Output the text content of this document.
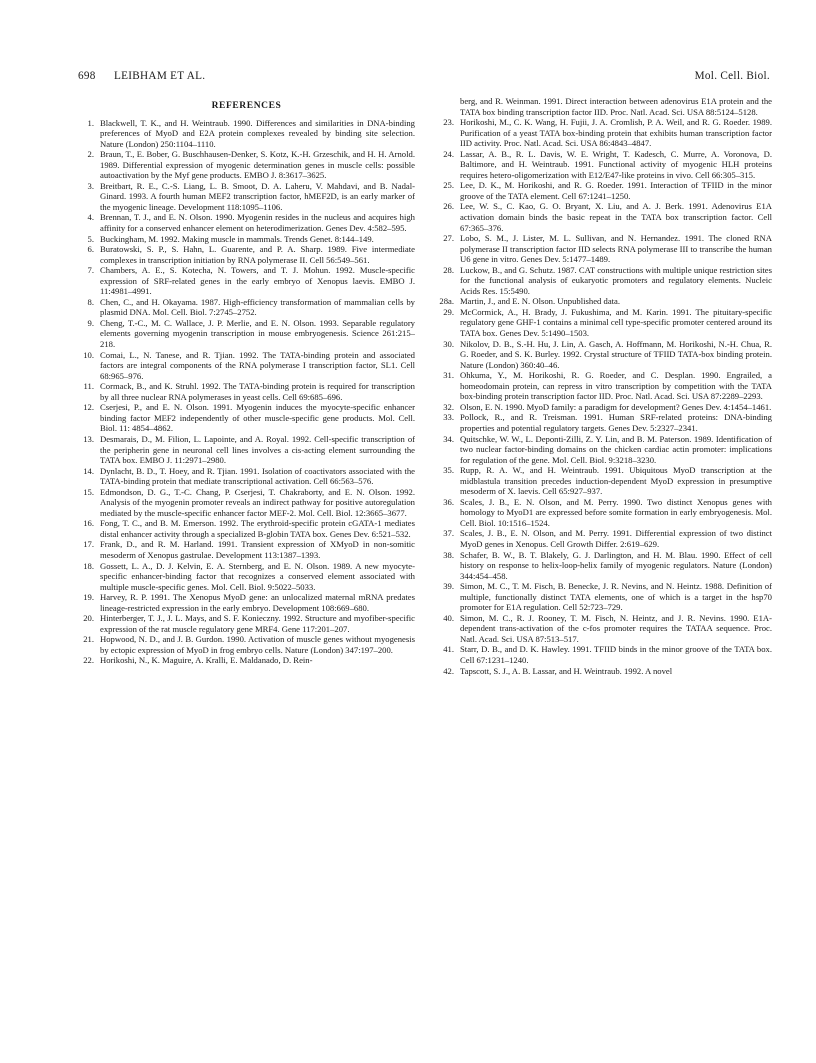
698 LEIBHAM ET AL.	Mol. Cell. Biol.
REFERENCES
1. Blackwell, T. K., and H. Weintraub. 1990. Differences and similarities in DNA-binding preferences of MyoD and E2A protein complexes revealed by binding site selection. Nature (London) 250:1104–1110.
2. Braun, T., E. Bober, G. Buschhausen-Denker, S. Kotz, K.-H. Grzeschik, and H. H. Arnold. 1989. Differential expression of myogenic determination genes in muscle cells: possible autoactivation by the Myf gene products. EMBO J. 8:3617–3625.
3. Breitbart, R. E., C.-S. Liang, L. B. Smoot, D. A. Laheru, V. Mahdavi, and B. Nadal-Ginard. 1993. A fourth human MEF2 transcription factor, hMEF2D, is an early marker of the myogenic lineage. Development 118:1095–1106.
4. Brennan, T. J., and E. N. Olson. 1990. Myogenin resides in the nucleus and acquires high affinity for a conserved enhancer element on heterodimerization. Genes Dev. 4:582–595.
5. Buckingham, M. 1992. Making muscle in mammals. Trends Genet. 8:144–149.
6. Buratowski, S. P., S. Hahn, L. Guarente, and P. A. Sharp. 1989. Five intermediate complexes in transcription initiation by RNA polymerase II. Cell 56:549–561.
7. Chambers, A. E., S. Kotecha, N. Towers, and T. J. Mohun. 1992. Muscle-specific expression of SRF-related genes in the early embryo of Xenopus laevis. EMBO J. 11:4981–4991.
8. Chen, C., and H. Okayama. 1987. High-efficiency transformation of mammalian cells by plasmid DNA. Mol. Cell. Biol. 7:2745–2752.
9. Cheng, T.-C., M. C. Wallace, J. P. Merlie, and E. N. Olson. 1993. Separable regulatory elements governing myogenin transcription in mouse embryogenesis. Science 261:215–218.
10. Comai, L., N. Tanese, and R. Tjian. 1992. The TATA-binding protein and associated factors are integral components of the RNA polymerase I transcription factor, SL1. Cell 68:965–976.
11. Cormack, B., and K. Struhl. 1992. The TATA-binding protein is required for transcription by all three nuclear RNA polymerases in yeast cells. Cell 69:685–696.
12. Cserjesi, P., and E. N. Olson. 1991. Myogenin induces the myocyte-specific enhancer binding factor MEF2 independently of other muscle-specific gene products. Mol. Cell. Biol. 11: 4854–4862.
13. Desmarais, D., M. Filion, L. Lapointe, and A. Royal. 1992. Cell-specific transcription of the peripherin gene in neuronal cell lines involves a cis-acting element surrounding the TATA box. EMBO J. 11:2971–2980.
14. Dynlacht, B. D., T. Hoey, and R. Tjian. 1991. Isolation of coactivators associated with the TATA-binding protein that mediate transcriptional activation. Cell 66:563–576.
15. Edmondson, D. G., T.-C. Chang, P. Cserjesi, T. Chakraborty, and E. N. Olson. 1992. Analysis of the myogenin promoter reveals an indirect pathway for positive autoregulation mediated by the muscle-specific enhancer factor MEF-2. Mol. Cell. Biol. 12:3665–3677.
16. Fong, T. C., and B. M. Emerson. 1992. The erythroid-specific protein cGATA-1 mediates distal enhancer activity through a specialized B-globin TATA box. Genes Dev. 6:521–532.
17. Frank, D., and R. M. Harland. 1991. Transient expression of XMyoD in non-somitic mesoderm of Xenopus gastrulae. Development 113:1387–1393.
18. Gossett, L. A., D. J. Kelvin, E. A. Sternberg, and E. N. Olson. 1989. A new myocyte-specific enhancer-binding factor that recognizes a conserved element associated with multiple muscle-specific genes. Mol. Cell. Biol. 9:5022–5033.
19. Harvey, R. P. 1991. The Xenopus MyoD gene: an unlocalized maternal mRNA predates lineage-restricted expression in the early embryo. Development 108:669–680.
20. Hinterberger, T. J., J. L. Mays, and S. F. Konieczny. 1992. Structure and myofiber-specific expression of the rat muscle regulatory gene MRF4. Gene 117:201–207.
21. Hopwood, N. D., and J. B. Gurdon. 1990. Activation of muscle genes without myogenesis by ectopic expression of MyoD in frog embryo cells. Nature (London) 347:197–200.
22. Horikoshi, N., K. Maguire, A. Kralli, E. Maldanado, D. Rein-
berg, and R. Weinman. 1991. Direct interaction between adenovirus E1A protein and the TATA box binding transcription factor IID. Proc. Natl. Acad. Sci. USA 88:5124–5128.
23. Horikoshi, M., C. K. Wang, H. Fujii, J. A. Cromlish, P. A. Weil, and R. G. Roeder. 1989. Purification of a yeast TATA box-binding protein that exhibits human transcription factor IID activity. Proc. Natl. Acad. Sci. USA 86:4843–4847.
24. Lassar, A. B., R. L. Davis, W. E. Wright, T. Kadesch, C. Murre, A. Voronova, D. Baltimore, and H. Weintraub. 1991. Functional activity of myogenic HLH proteins requires hetero-oligomerization with E12/E47-like proteins in vivo. Cell 66:305–315.
25. Lee, D. K., M. Horikoshi, and R. G. Roeder. 1991. Interaction of TFIID in the minor groove of the TATA element. Cell 67:1241–1250.
26. Lee, W. S., C. Kao, G. O. Bryant, X. Liu, and A. J. Berk. 1991. Adenovirus E1A activation domain binds the basic repeat in the TATA box transcription factor. Cell 67:365–376.
27. Lobo, S. M., J. Lister, M. L. Sullivan, and N. Hernandez. 1991. The cloned RNA polymerase II transcription factor IID selects RNA polymerase III to transcribe the human U6 gene in vitro. Genes Dev. 5:1477–1489.
28. Luckow, B., and G. Schutz. 1987. CAT constructions with multiple unique restriction sites for the functional analysis of eukaryotic promoters and regulatory elements. Nucleic Acids Res. 15:5490.
28a. Martin, J., and E. N. Olson. Unpublished data.
29. McCormick, A., H. Brady, J. Fukushima, and M. Karin. 1991. The pituitary-specific regulatory gene GHF-1 contains a minimal cell type-specific promoter centered around its TATA box. Genes Dev. 5:1490–1503.
30. Nikolov, D. B., S.-H. Hu, J. Lin, A. Gasch, A. Hoffmann, M. Horikoshi, N.-H. Chua, R. G. Roeder, and S. K. Burley. 1992. Crystal structure of TFIID TATA-box binding protein. Nature (London) 360:40–46.
31. Ohkuma, Y., M. Horikoshi, R. G. Roeder, and C. Desplan. 1990. Engrailed, a homeodomain protein, can repress in vitro transcription by competition with the TATA box-binding protein transcription factor IID. Proc. Natl. Acad. Sci. USA 87:2289–2293.
32. Olson, E. N. 1990. MyoD family: a paradigm for development? Genes Dev. 4:1454–1461.
33. Pollock, R., and R. Treisman. 1991. Human SRF-related proteins: DNA-binding properties and potential regulatory targets. Genes Dev. 5:2327–2341.
34. Quitschke, W. W., L. Deponti-Zilli, Z. Y. Lin, and B. M. Paterson. 1989. Identification of two nuclear factor-binding domains on the chicken cardiac actin promoter: implications for regulation of the gene. Mol. Cell. Biol. 9:3218–3230.
35. Rupp, R. A. W., and H. Weintraub. 1991. Ubiquitous MyoD transcription at the midblastula transition precedes induction-dependent MyoD expression in presumptive mesoderm of X. laevis. Cell 65:927–937.
36. Scales, J. B., E. N. Olson, and M. Perry. 1990. Two distinct Xenopus genes with homology to MyoD1 are expressed before somite formation in early embryogenesis. Mol. Cell. Biol. 10:1516–1524.
37. Scales, J. B., E. N. Olson, and M. Perry. 1991. Differential expression of two distinct MyoD genes in Xenopus. Cell Growth Differ. 2:619–629.
38. Schafer, B. W., B. T. Blakely, G. J. Darlington, and H. M. Blau. 1990. Effect of cell history on response to helix-loop-helix family of myogenic regulators. Nature (London) 344:454–458.
39. Simon, M. C., T. M. Fisch, B. Benecke, J. R. Nevins, and N. Heintz. 1988. Definition of multiple, functionally distinct TATA elements, one of which is a target in the hsp70 promoter for E1A regulation. Cell 52:723–729.
40. Simon, M. C., R. J. Rooney, T. M. Fisch, N. Heintz, and J. R. Nevins. 1990. E1A-dependent trans-activation of the c-fos promoter requires the TATAA sequence. Proc. Natl. Acad. Sci. USA 87:513–517.
41. Starr, D. B., and D. K. Hawley. 1991. TFIID binds in the minor groove of the TATA box. Cell 67:1231–1240.
42. Tapscott, S. J., A. B. Lassar, and H. Weintraub. 1992. A novel
